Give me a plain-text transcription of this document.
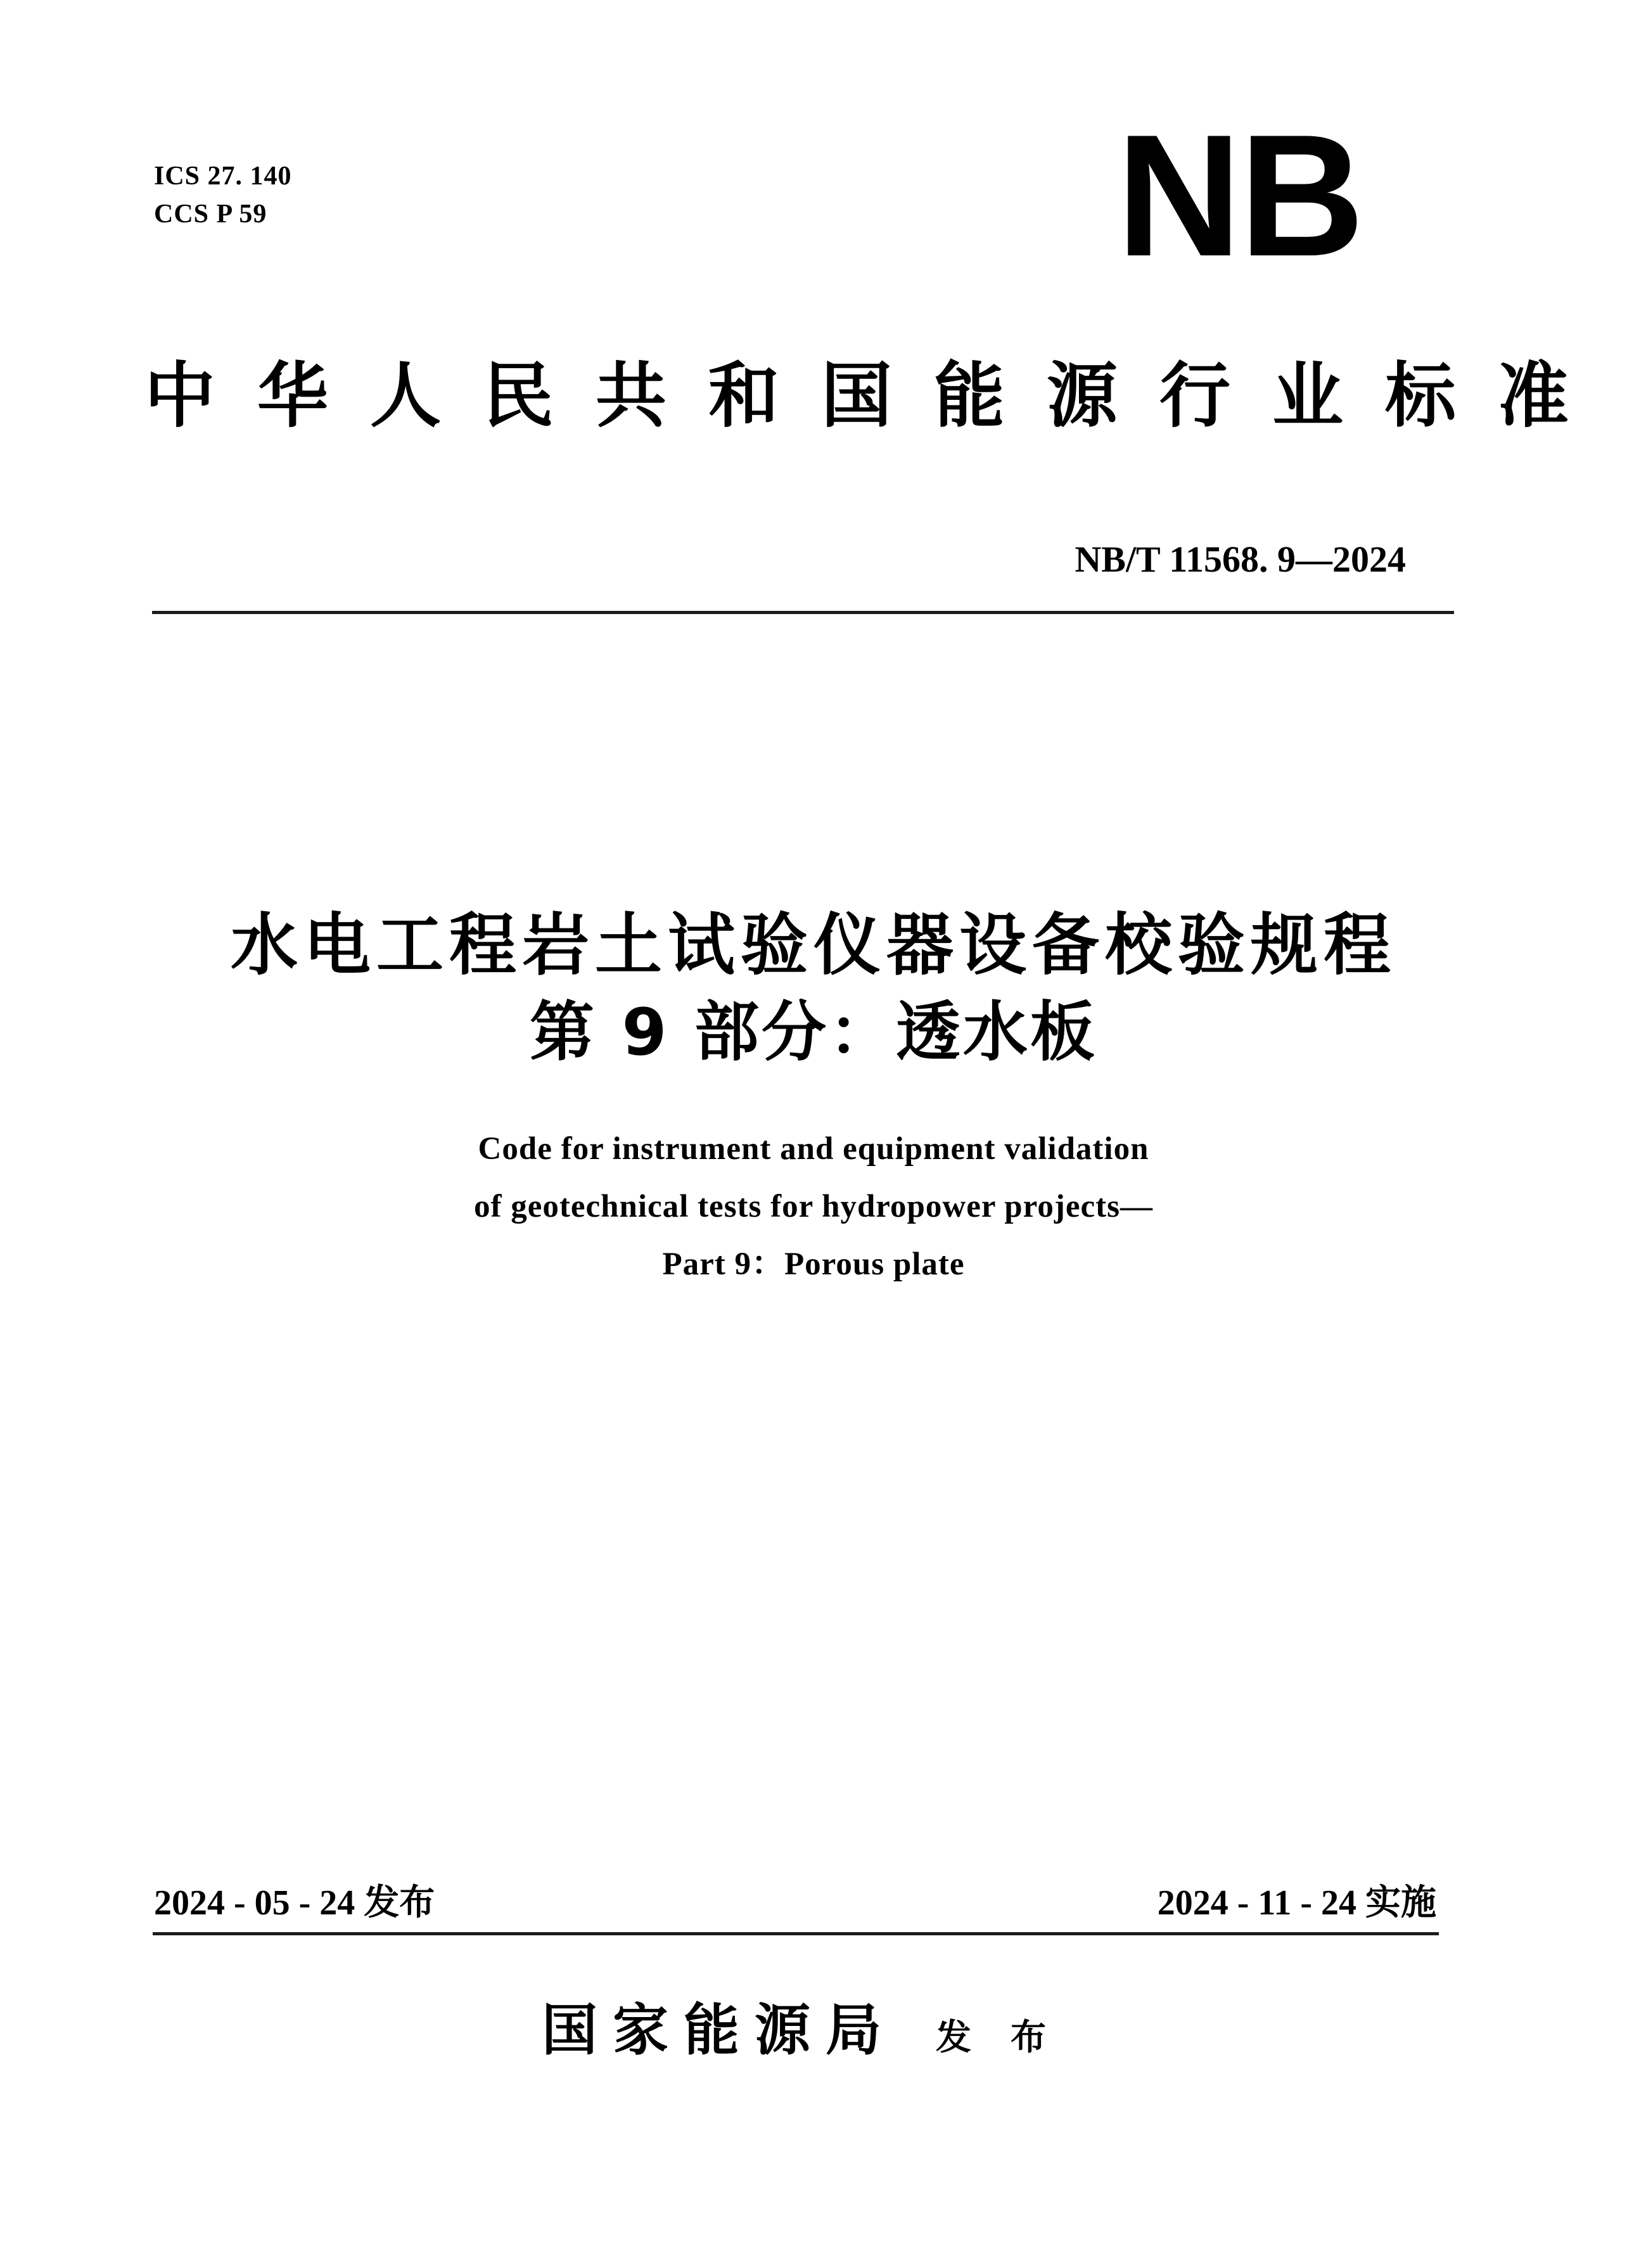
ICS 27. 140
CCS P 59	NB
中华人民共和国能源行业标准
NB/T 11568. 9—2024
水电工程岩土试验仪器设备校验规程
第 9 部分：透水板
Code for instrument and equipment validation
of geotechnical tests for hydropower projects—
Part 9：Porous plate
2024 - 05 - 24 发布	2024 - 11 - 24 实施
国家能源局 发布
